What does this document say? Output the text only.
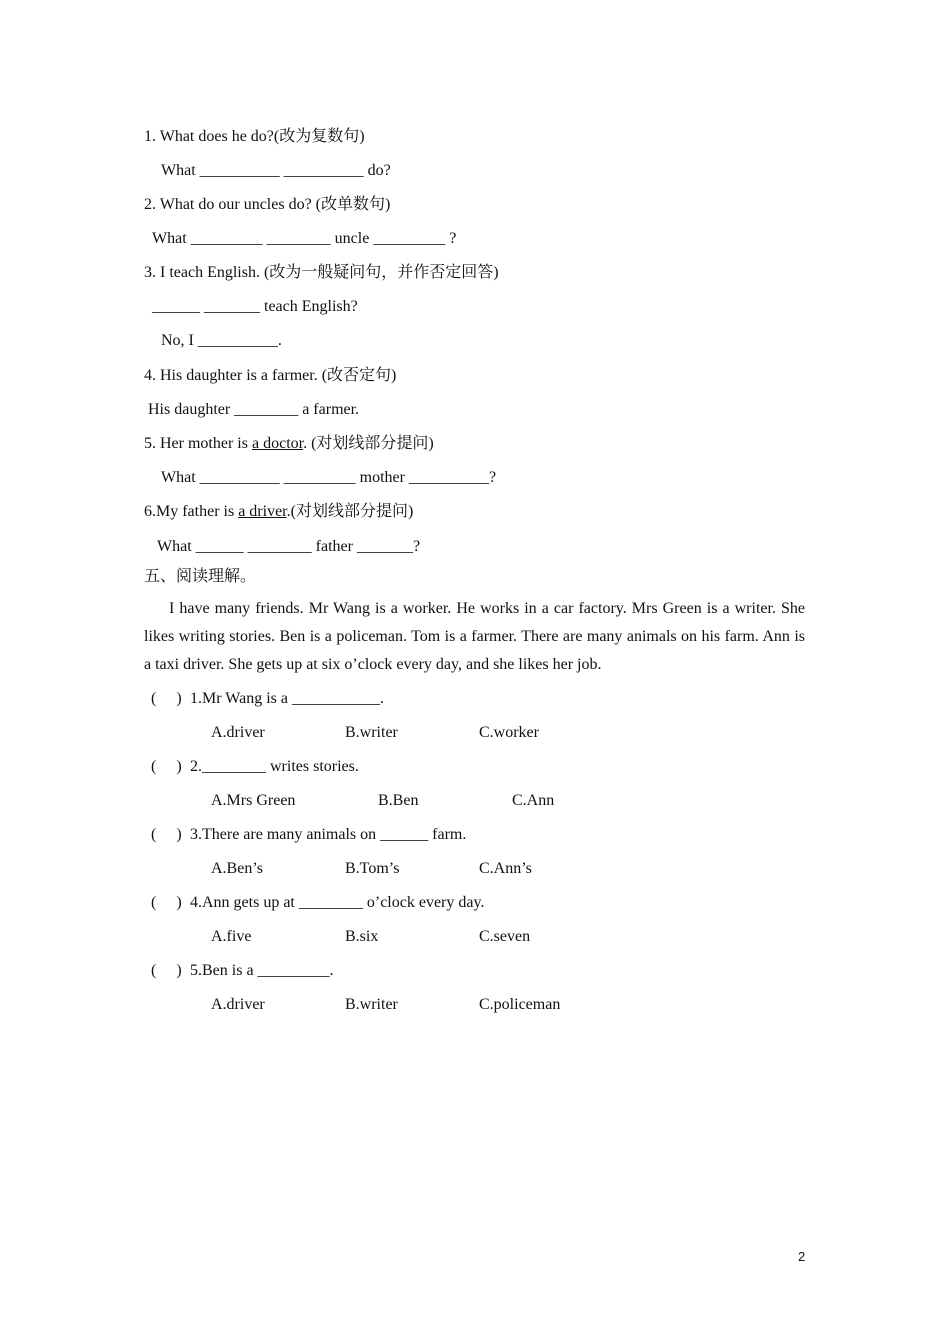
1. What does he do?(改为复数句)
What __________ __________ do?
2. What do our uncles do? (改单数句)
What _________ ________ uncle _________ ?
3. I teach English. (改为一般疑问句，并作否定回答)
______ _______ teach English?
No, I __________.
4. His daughter is a farmer. (改否定句)
His daughter ________ a farmer.
5. Her mother is a doctor. (对划线部分提问)
What __________ _________ mother __________?
6.My father is a driver.(对划线部分提问)
What ______ ________ father _______?
五、阅读理解。
I have many friends. Mr Wang is a worker. He works in a car factory. Mrs Green is a writer. She likes writing stories. Ben is a policeman. Tom is a farmer. There are many animals on his farm. Ann is a taxi driver. She gets up at six o’clock every day, and she likes her job.
(     ) 1.Mr Wang is a ___________.
A.driver	B.writer	C.worker
(     ) 2.________ writes stories.
A.Mrs Green	B.Ben	C.Ann
(     ) 3.There are many animals on ______ farm.
A.Ben’s	B.Tom’s	C.Ann’s
(     ) 4.Ann gets up at ________ o’clock every day.
A.five	B.six	C.seven
(     ) 5.Ben is a _________.
A.driver	B.writer	C.policeman
2
